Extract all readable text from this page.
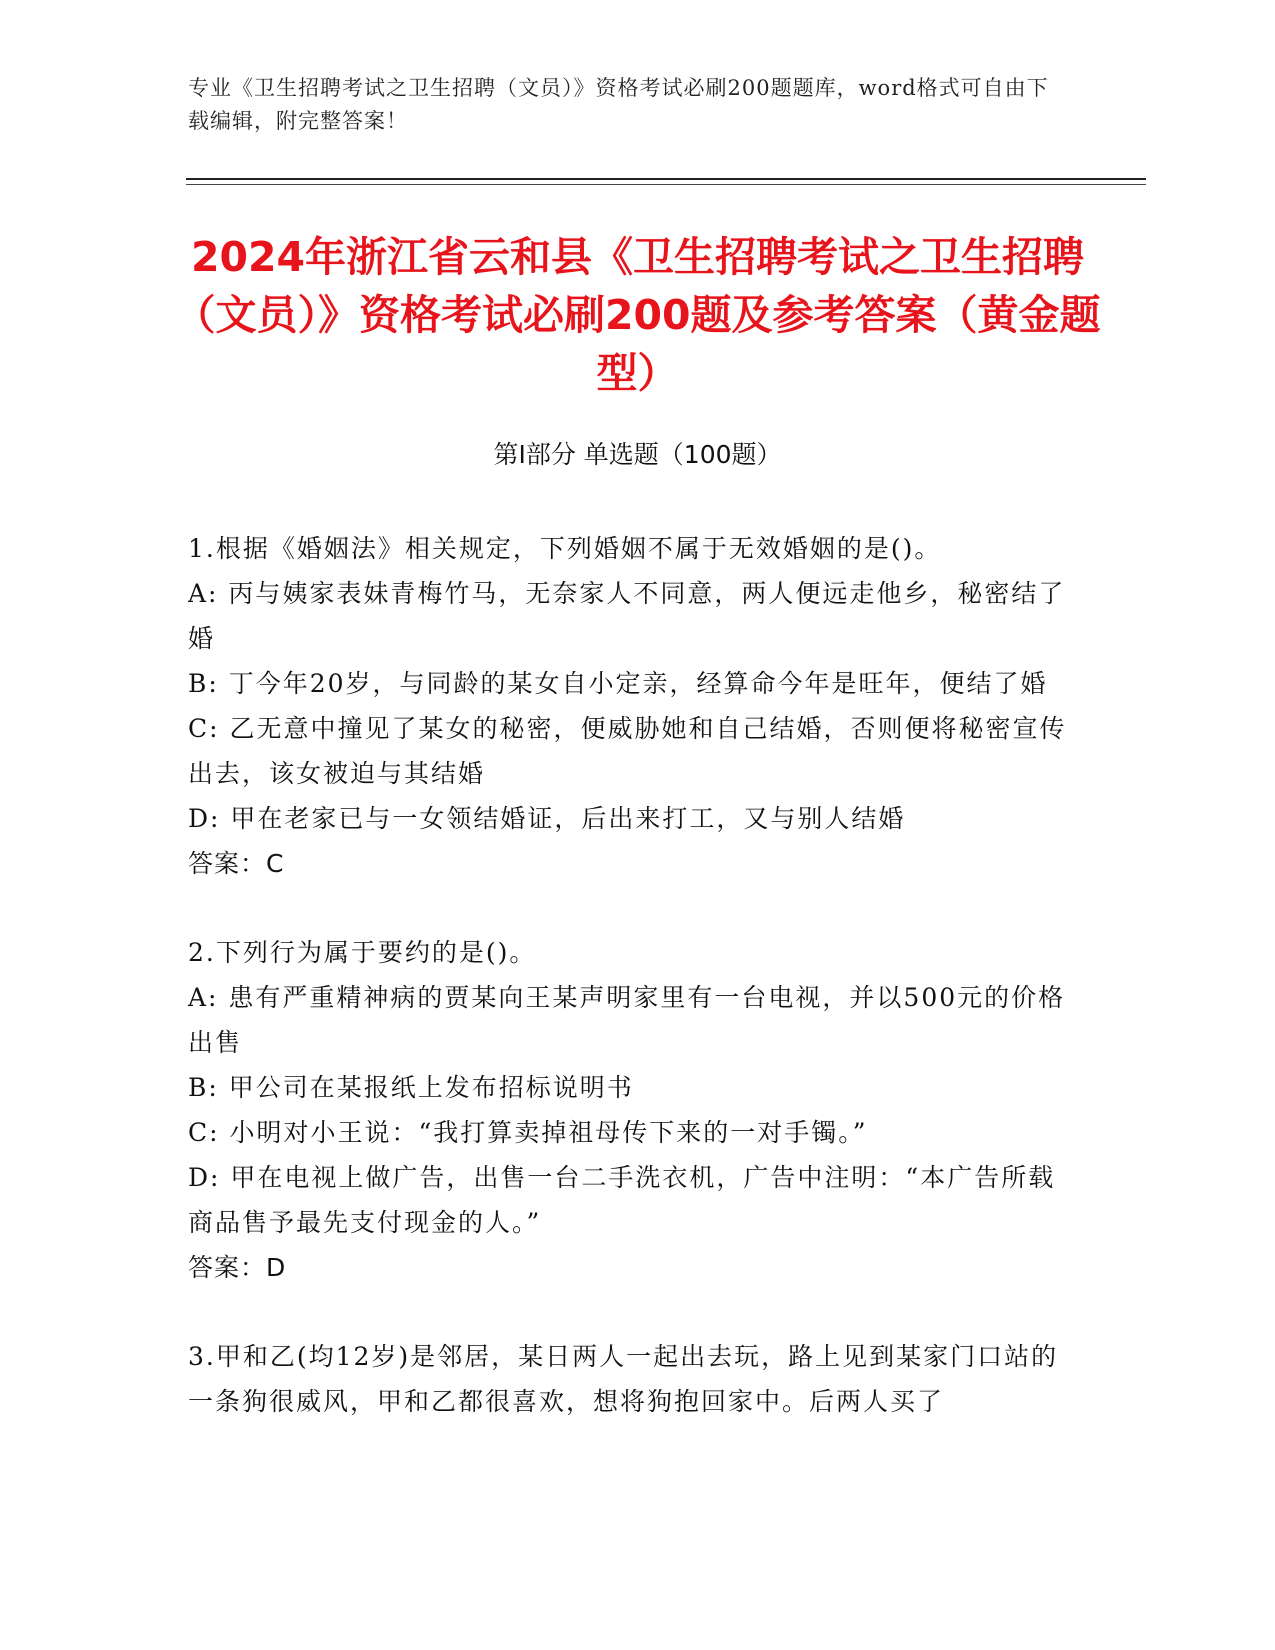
专业《卫生招聘考试之卫生招聘（文员）》资格考试必刷200题题库，word格式可自由下载编辑，附完整答案！
2024年浙江省云和县《卫生招聘考试之卫生招聘（文员）》资格考试必刷200题及参考答案（黄金题型）
第Ⅰ部分 单选题（100题）

1.根据《婚姻法》相关规定，下列婚姻不属于无效婚姻的是()。

A: 丙与姨家表妹青梅竹马，无奈家人不同意，两人便远走他乡，秘密结了婚

B: 丁今年20岁，与同龄的某女自小定亲，经算命今年是旺年，便结了婚

C: 乙无意中撞见了某女的秘密，便威胁她和自己结婚，否则便将秘密宣传出去，该女被迫与其结婚

D: 甲在老家已与一女领结婚证，后出来打工，又与别人结婚

答案：C

2.下列行为属于要约的是()。

A: 患有严重精神病的贾某向王某声明家里有一台电视，并以500元的价格出售

B: 甲公司在某报纸上发布招标说明书

C: 小明对小王说：“我打算卖掉祖母传下来的一对手镯。”

D: 甲在电视上做广告，出售一台二手洗衣机，广告中注明：“本广告所载商品售予最先支付现金的人。”

答案：D

3.甲和乙(均12岁)是邻居，某日两人一起出去玩，路上见到某家门口站的一条狗很威风，甲和乙都很喜欢，想将狗抱回家中。后两人买了
